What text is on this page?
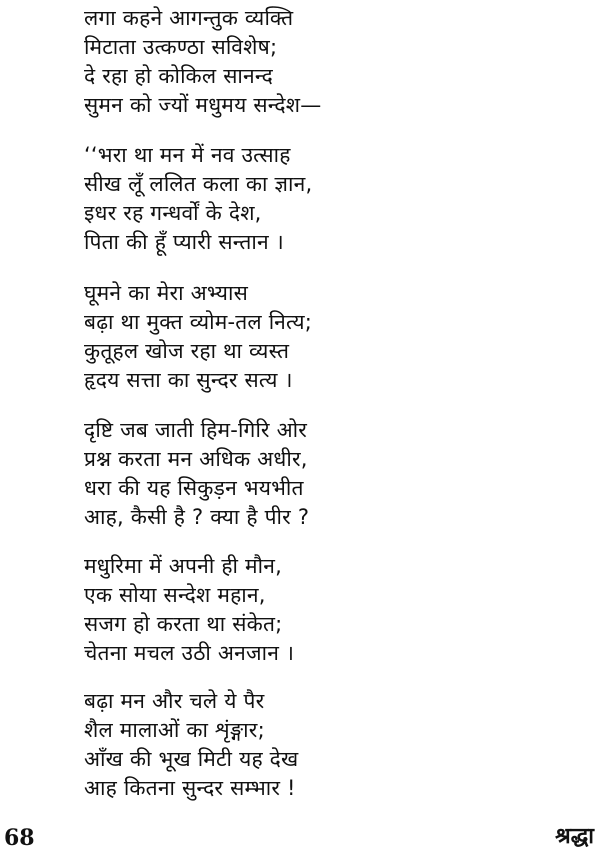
लगा कहने आगन्तुक व्यक्ति
मिटाता उत्कण्ठा सविशेष;
दे रहा हो कोकिल सानन्द
सुमन को ज्यों मधुमय सन्देश—
‘‘भरा था मन में नव उत्साह
सीख लूँ ललित कला का ज्ञान,
इधर रह गन्धर्वों के देश,
पिता की हूँ प्यारी सन्तान ।
घूमने का मेरा अभ्यास
बढ़ा था मुक्त व्योम-तल नित्य;
कुतूहल खोज रहा था व्यस्त
हृदय सत्ता का सुन्दर सत्य ।
दृष्टि जब जाती हिम-गिरि ओर
प्रश्न करता मन अधिक अधीर,
धरा की यह सिकुड़न भयभीत
आह, कैसी है ? क्या है पीर ?
मधुरिमा में अपनी ही मौन,
एक सोया सन्देश महान,
सजग हो करता था संकेत;
चेतना मचल उठी अनजान ।
बढ़ा मन और चले ये पैर
शैल मालाओं का शृंङ्गार;
आँख की भूख मिटी यह देख
आह कितना सुन्दर सम्भार !
68	श्रद्धा
